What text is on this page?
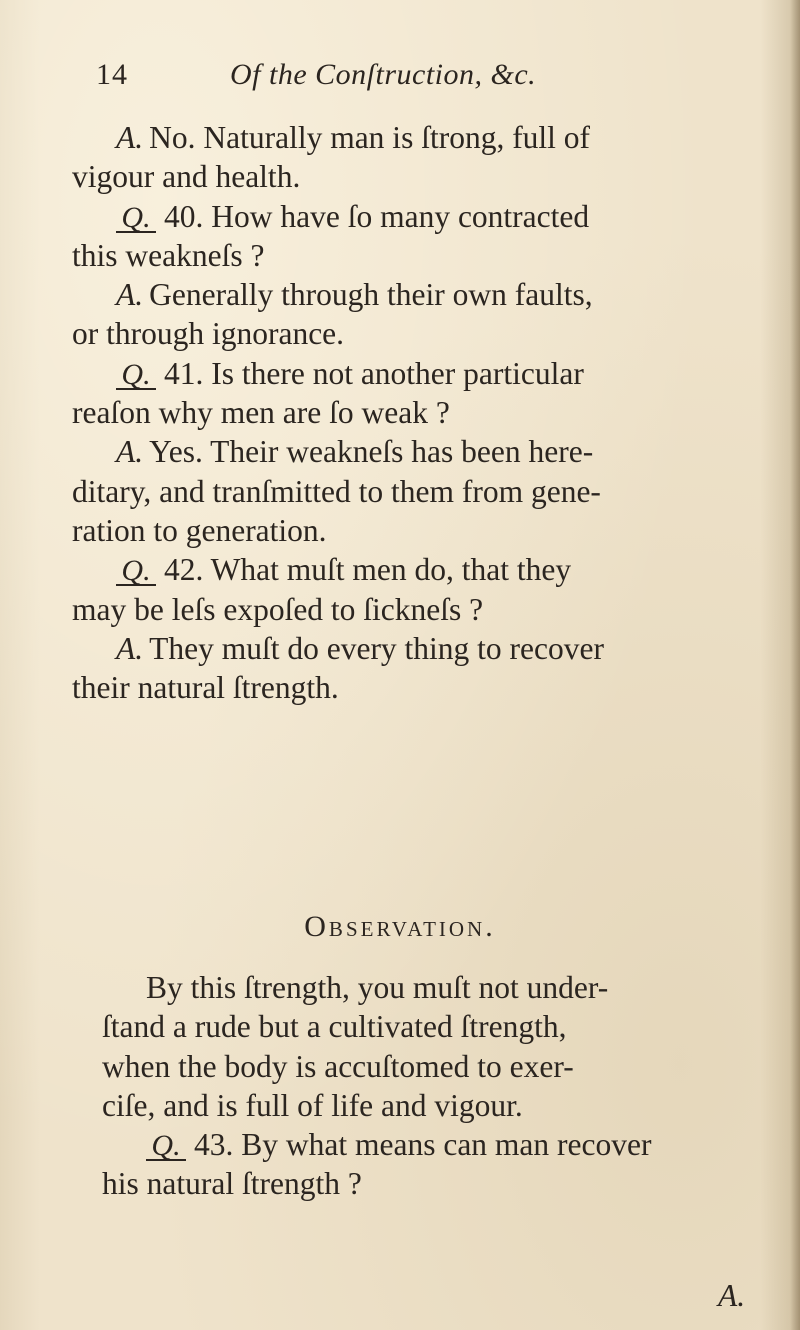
14	Of the Conſtruction, &c.
A. No. Naturally man is ſtrong, full of
vigour and health.
Q. 40. How have ſo many contracted
this weakneſs ?
A. Generally through their own faults,
or through ignorance.
Q. 41. Is there not another particular
reaſon why men are ſo weak ?
A. Yes. Their weakneſs has been here-
ditary, and tranſmitted to them from gene-
ration to generation.
Q. 42. What muſt men do, that they
may be leſs expoſed to ſickneſs ?
A. They muſt do every thing to recover
their natural ſtrength.
Observation.
By this ſtrength, you muſt not under-
ſtand a rude but a cultivated ſtrength,
when the body is accuſtomed to exer-
ciſe, and is full of life and vigour.
Q. 43. By what means can man recover
his natural ſtrength ?
A.
